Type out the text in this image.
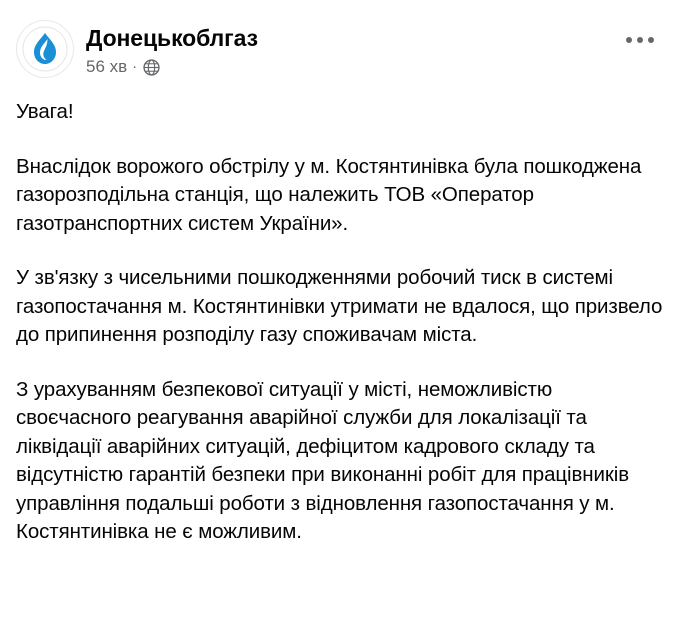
Донецькоблгаз
56 хв ·

Увага!

Внаслідок ворожого обстрілу у м. Костянтинівка була пошкоджена газорозподільна станція, що належить ТОВ «Оператор газотранспортних систем України».

У зв'язку з чисельними пошкодженнями робочий тиск в системі газопостачання м. Костянтинівки утримати не вдалося, що призвело до припинення розподілу газу споживачам міста.

З урахуванням безпекової ситуації у місті, неможливістю своєчасного реагування аварійної служби для локалізації та ліквідації аварійних ситуацій, дефіцитом кадрового складу та відсутністю гарантій безпеки при виконанні робіт для працівників управління подальші роботи з відновлення газопостачання у м. Костянтинівка не є можливим.
